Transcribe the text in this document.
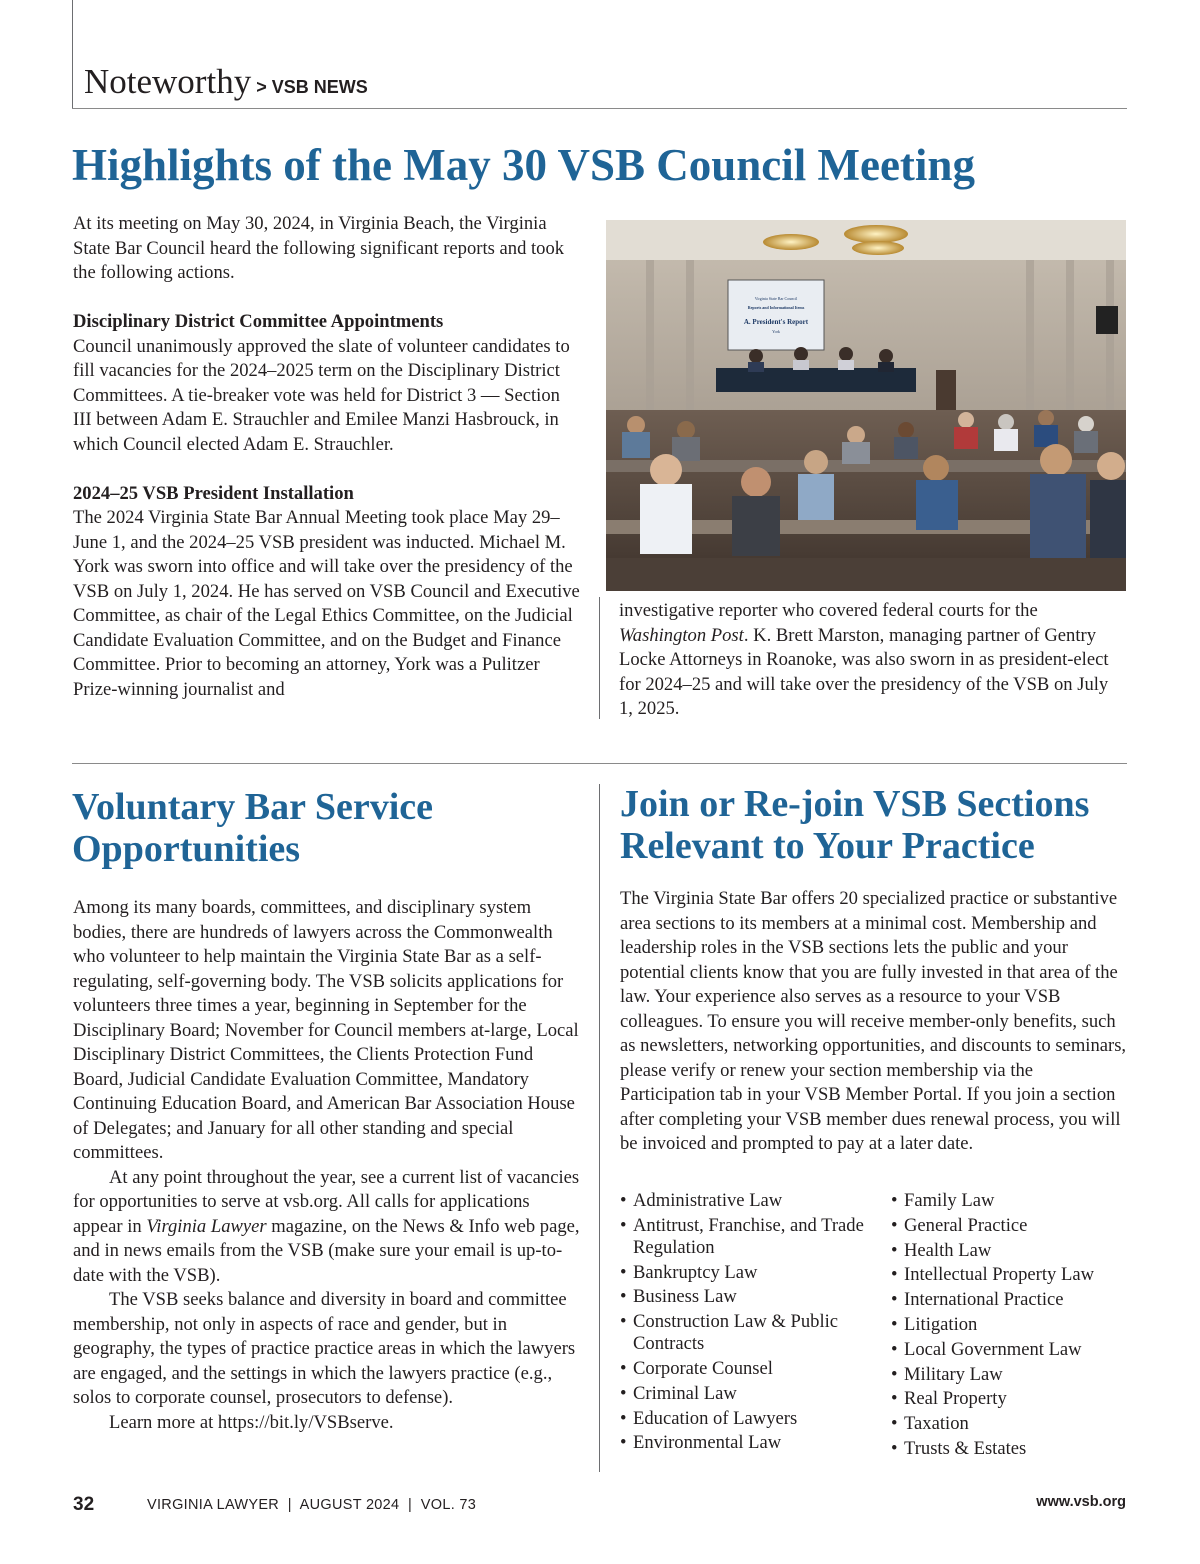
Noteworthy > VSB NEWS
Highlights of the May 30 VSB Council Meeting

At its meeting on May 30, 2024, in Virginia Beach, the Virginia State Bar Council heard the following significant reports and took the following actions.

Disciplinary District Committee Appointments

Council unanimously approved the slate of volunteer candidates to fill vacancies for the 2024–2025 term on the Disciplinary District Committees. A tie-breaker vote was held for District 3 — Section III between Adam E. Strauchler and Emilee Manzi Hasbrouck, in which Council elected Adam E. Strauchler.

2024–25 VSB President Installation

The 2024 Virginia State Bar Annual Meeting took place May 29–June 1, and the 2024–25 VSB president was inducted. Michael M. York was sworn into office and will take over the presidency of the VSB on July 1, 2024. He has served on VSB Council and Executive Committee, as chair of the Legal Ethics Committee, on the Judicial Candidate Evaluation Committee, and on the Budget and Finance Committee. Prior to becoming an attorney, York was a Pulitzer Prize-winning journalist and

Virginia State Bar Council
Reports and Informational Items
A. President's Report
York

investigative reporter who covered federal courts for the Washington Post. K. Brett Marston, managing partner of Gentry Locke Attorneys in Roanoke, was also sworn in as president-elect for 2024–25 and will take over the presidency of the VSB on July 1, 2025.

Voluntary Bar Service
Opportunities

Among its many boards, committees, and disciplinary system bodies, there are hundreds of lawyers across the Commonwealth who volunteer to help maintain the Virginia State Bar as a self-regulating, self-governing body. The VSB solicits applications for volunteers three times a year, beginning in September for the Disciplinary Board; November for Council members at-large, Local Disciplinary District Committees, the Clients Protection Fund Board, Judicial Candidate Evaluation Committee, Mandatory Continuing Education Board, and American Bar Association House of Delegates; and January for all other standing and special committees.

At any point throughout the year, see a current list of vacancies for opportunities to serve at vsb.org. All calls for applications appear in Virginia Lawyer magazine, on the News & Info web page, and in news emails from the VSB (make sure your email is up-to-date with the VSB).

The VSB seeks balance and diversity in board and committee membership, not only in aspects of race and gender, but in geography, the types of practice practice areas in which the lawyers are engaged, and the settings in which the lawyers practice (e.g., solos to corporate counsel, prosecutors to defense).

Learn more at https://bit.ly/VSBserve.

Join or Re-join VSB Sections
Relevant to Your Practice

The Virginia State Bar offers 20 specialized practice or substantive area sections to its members at a minimal cost. Membership and leadership roles in the VSB sections lets the public and your potential clients know that you are fully invested in that area of the law. Your experience also serves as a resource to your VSB colleagues. To ensure you will receive member-only benefits, such as newsletters, networking opportunities, and discounts to seminars, please verify or renew your section membership via the Participation tab in your VSB Member Portal. If you join a section after completing your VSB member dues renewal process, you will be invoiced and prompted to pay at a later date.

• Administrative Law
• Antitrust, Franchise, and Trade Regulation
• Bankruptcy Law
• Business Law
• Construction Law & Public Contracts
• Corporate Counsel
• Criminal Law
• Education of Lawyers
• Environmental Law
• Family Law
• General Practice
• Health Law
• Intellectual Property Law
• International Practice
• Litigation
• Local Government Law
• Military Law
• Real Property
• Taxation
• Trusts & Estates
32	VIRGINIA LAWYER  |  AUGUST 2024  |  VOL. 73	www.vsb.org
